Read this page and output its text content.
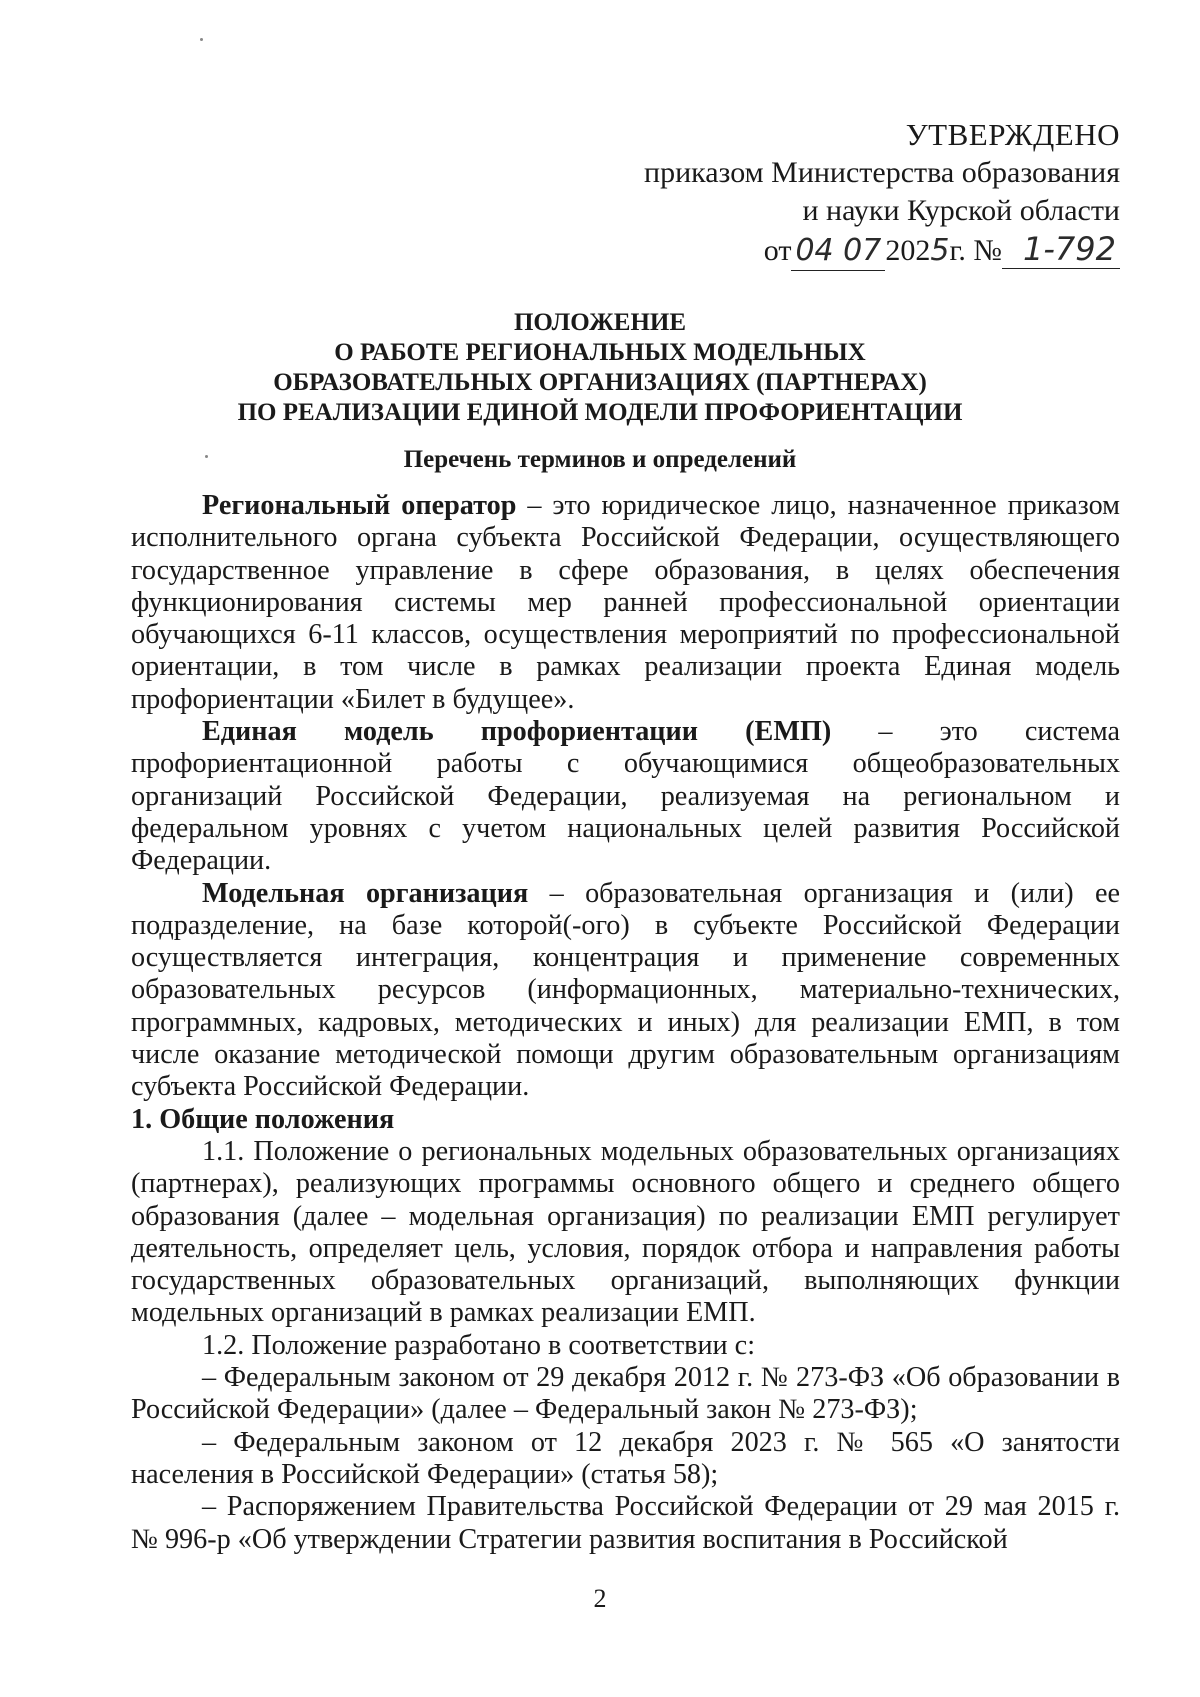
УТВЕРЖДЕНО
приказом Министерства образования
и науки Курской области
от 04 07 2025г. № 1-792
ПОЛОЖЕНИЕ
О РАБОТЕ РЕГИОНАЛЬНЫХ МОДЕЛЬНЫХ
ОБРАЗОВАТЕЛЬНЫХ ОРГАНИЗАЦИЯХ (ПАРТНЕРАХ)
ПО РЕАЛИЗАЦИИ ЕДИНОЙ МОДЕЛИ ПРОФОРИЕНТАЦИИ
Перечень терминов и определений

Региональный оператор – это юридическое лицо, назначенное приказом исполнительного органа субъекта Российской Федерации, осуществляющего государственное управление в сфере образования, в целях обеспечения функционирования системы мер ранней профессиональной ориентации обучающихся 6-11 классов, осуществления мероприятий по профессиональной ориентации, в том числе в рамках реализации проекта Единая модель профориентации «Билет в будущее».

Единая модель профориентации (ЕМП) – это система профориентационной работы с обучающимися общеобразовательных организаций Российской Федерации, реализуемая на региональном и федеральном уровнях с учетом национальных целей развития Российской Федерации.

Модельная организация – образовательная организация и (или) ее подразделение, на базе которой(-ого) в субъекте Российской Федерации осуществляется интеграция, концентрация и применение современных образовательных ресурсов (информационных, материально-технических, программных, кадровых, методических и иных) для реализации ЕМП, в том числе оказание методической помощи другим образовательным организациям субъекта Российской Федерации.

1. Общие положения

1.1. Положение о региональных модельных образовательных организациях (партнерах), реализующих программы основного общего и среднего общего образования (далее – модельная организация) по реализации ЕМП регулирует деятельность, определяет цель, условия, порядок отбора и направления работы государственных образовательных организаций, выполняющих функции модельных организаций в рамках реализации ЕМП.

1.2. Положение разработано в соответствии с:

– Федеральным законом от 29 декабря 2012 г. № 273-ФЗ «Об образовании в Российской Федерации» (далее – Федеральный закон № 273-ФЗ);

– Федеральным законом от 12 декабря 2023 г. № 565 «О занятости населения в Российской Федерации» (статья 58);

– Распоряжением Правительства Российской Федерации от 29 мая 2015 г. № 996-р «Об утверждении Стратегии развития воспитания в Российской

2
